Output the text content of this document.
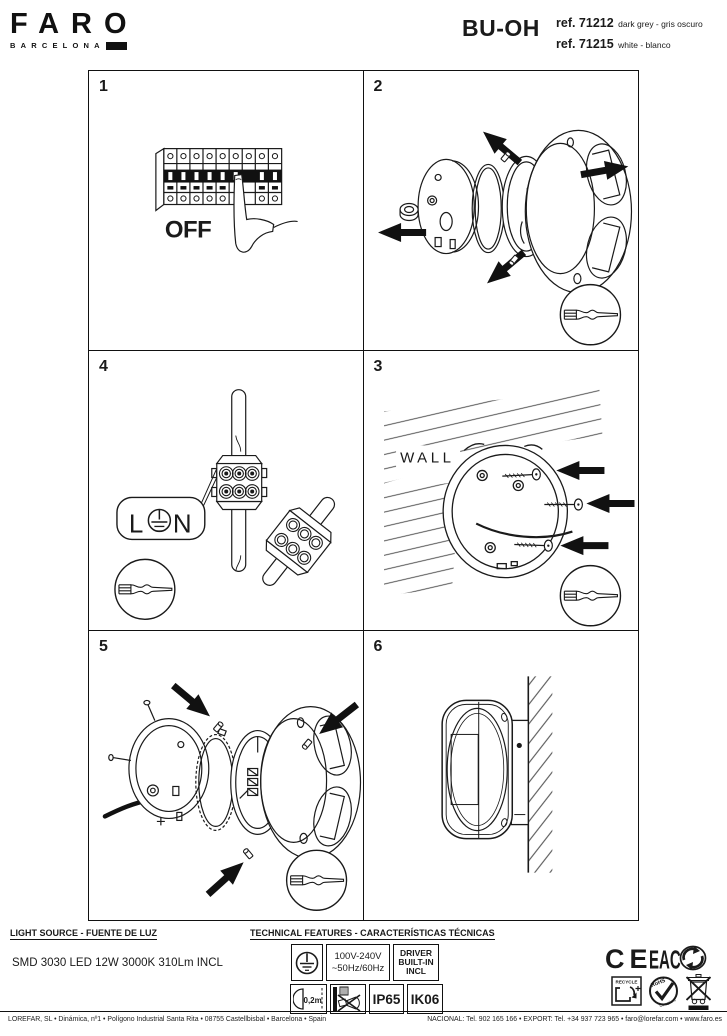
FARO
BARCELONA
BU-OH ref. 71212 dark grey - gris oscuro
ref. 71215 white - blanco
1
OFF
2
4
L N
3
WALL
5	6
LIGHT SOURCE - FUENTE DE LUZ
SMD 3030 LED 12W 3000K 310Lm INCL
TECHNICAL FEATURES - CARACTERÍSTICAS TÉCNICAS
100V-240V
~50Hz/60Hz
DRIVER
BUILT-IN
INCL
0,2m	IP65 IK06
CE
EAC
RECYCLE RoHS
Compliant
LOREFAR, SL • Dinámica, nº1 • Polígono Industrial Santa Rita • 08755 Castellbisbal • Barcelona • Spain	NACIONAL: Tel. 902 165 166 • EXPORT: Tel. +34 937 723 965 • faro@lorefar.com • www.faro.es
